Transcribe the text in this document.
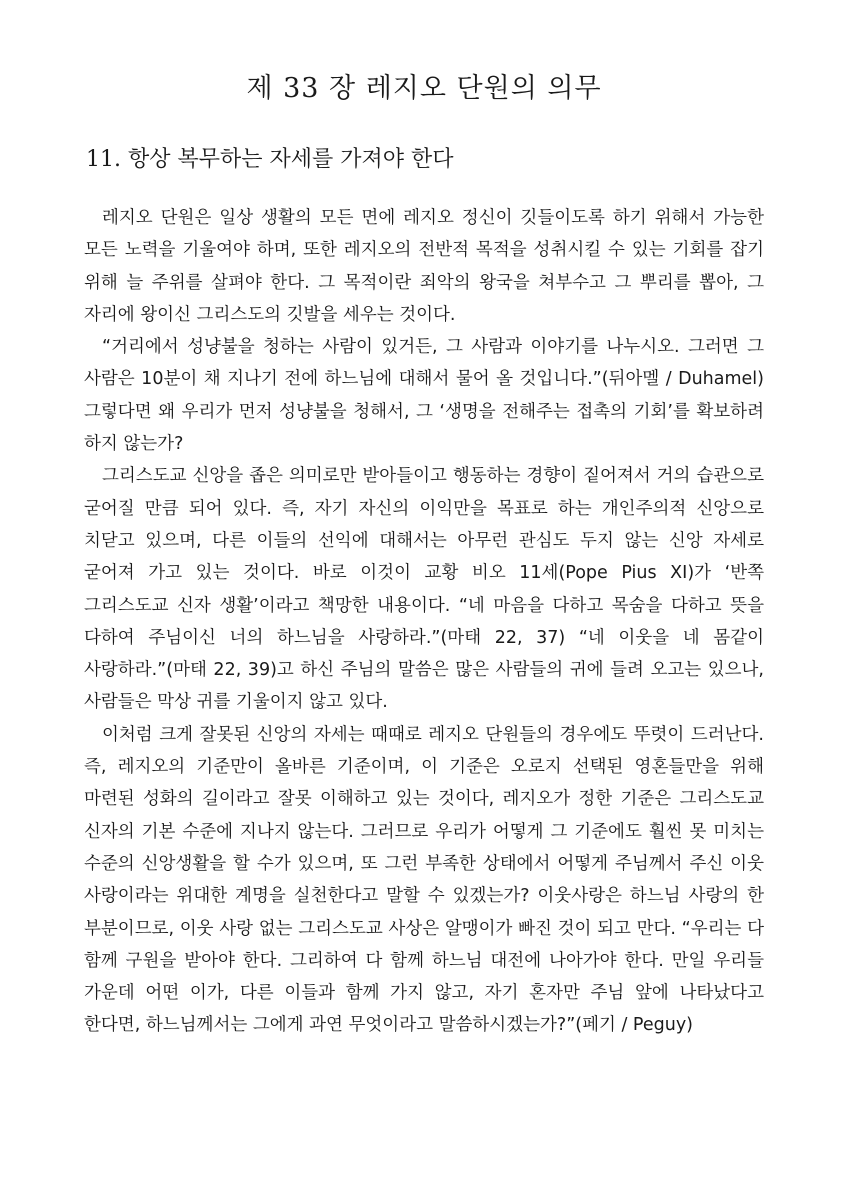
제 33 장 레지오 단원의 의무
11. 항상 복무하는 자세를 가져야 한다

레지오 단원은 일상 생활의 모든 면에 레지오 정신이 깃들이도록 하기 위해서 가능한 모든 노력을 기울여야 하며, 또한 레지오의 전반적 목적을 성취시킬 수 있는 기회를 잡기 위해 늘 주위를 살펴야 한다. 그 목적이란 죄악의 왕국을 쳐부수고 그 뿌리를 뽑아, 그 자리에 왕이신 그리스도의 깃발을 세우는 것이다.

“거리에서 성냥불을 청하는 사람이 있거든, 그 사람과 이야기를 나누시오. 그러면 그 사람은 10분이 채 지나기 전에 하느님에 대해서 물어 올 것입니다.”(뒤아멜 / Duhamel) 그렇다면 왜 우리가 먼저 성냥불을 청해서, 그 ‘생명을 전해주는 접촉의 기회’를 확보하려 하지 않는가?

그리스도교 신앙을 좁은 의미로만 받아들이고 행동하는 경향이 짙어져서 거의 습관으로 굳어질 만큼 되어 있다. 즉, 자기 자신의 이익만을 목표로 하는 개인주의적 신앙으로 치닫고 있으며, 다른 이들의 선익에 대해서는 아무런 관심도 두지 않는 신앙 자세로 굳어져 가고 있는 것이다. 바로 이것이 교황 비오 11세(Pope Pius XI)가 ‘반쪽 그리스도교 신자 생활’이라고 책망한 내용이다. “네 마음을 다하고 목숨을 다하고 뜻을 다하여 주님이신 너의 하느님을 사랑하라.”(마태 22, 37) “네 이웃을 네 몸같이 사랑하라.”(마태 22, 39)고 하신 주님의 말씀은 많은 사람들의 귀에 들려 오고는 있으나, 사람들은 막상 귀를 기울이지 않고 있다.

이처럼 크게 잘못된 신앙의 자세는 때때로 레지오 단원들의 경우에도 뚜렷이 드러난다. 즉, 레지오의 기준만이 올바른 기준이며, 이 기준은 오로지 선택된 영혼들만을 위해 마련된 성화의 길이라고 잘못 이해하고 있는 것이다, 레지오가 정한 기준은 그리스도교 신자의 기본 수준에 지나지 않는다. 그러므로 우리가 어떻게 그 기준에도 훨씬 못 미치는 수준의 신앙생활을 할 수가 있으며, 또 그런 부족한 상태에서 어떻게 주님께서 주신 이웃 사랑이라는 위대한 계명을 실천한다고 말할 수 있겠는가? 이웃사랑은 하느님 사랑의 한 부분이므로, 이웃 사랑 없는 그리스도교 사상은 알맹이가 빠진 것이 되고 만다. “우리는 다 함께 구원을 받아야 한다. 그리하여 다 함께 하느님 대전에 나아가야 한다. 만일 우리들 가운데 어떤 이가, 다른 이들과 함께 가지 않고, 자기 혼자만 주님 앞에 나타났다고 한다면, 하느님께서는 그에게 과연 무엇이라고 말씀하시겠는가?”(페기 / Peguy)
